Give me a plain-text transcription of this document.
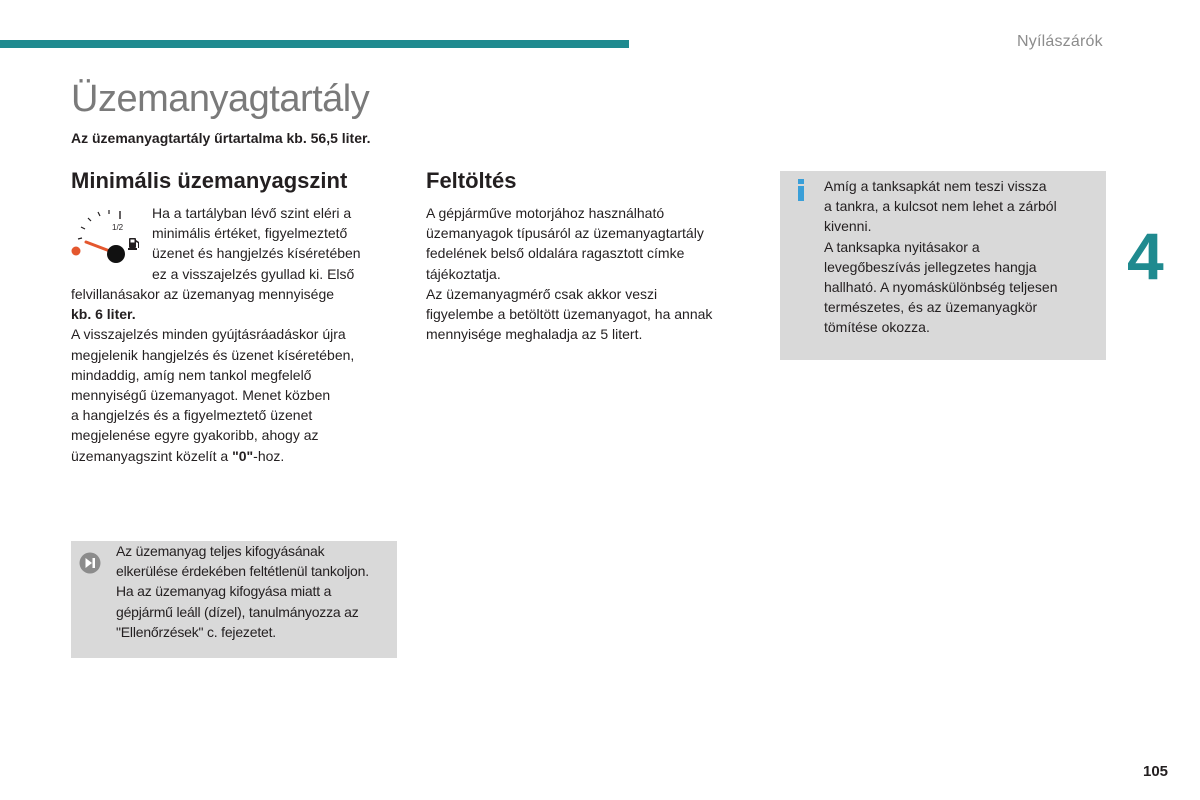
Nyílászárók
Üzemanyagtartály
Az üzemanyagtartály űrtartalma kb. 56,5 liter.
Minimális üzemanyagszint
1/2

Ha a tartályban lévő szint eléri a

minimális értéket, figyelmeztető

üzenet és hangjelzés kíséretében

ez a visszajelzés gyullad ki. Első

felvillanásakor az üzemanyag mennyisége

kb. 6 liter.

A visszajelzés minden gyújtásráadáskor újra

megjelenik hangjelzés és üzenet kíséretében,

mindaddig, amíg nem tankol megfelelő

mennyiségű üzemanyagot. Menet közben

a hangjelzés és a figyelmeztető üzenet

megjelenése egyre gyakoribb, ahogy az

üzemanyagszint közelít a "0"-hoz.

Feltöltés

A gépjárműve motorjához használható

üzemanyagok típusáról az üzemanyagtartály

fedelének belső oldalára ragasztott címke

tájékoztatja.

Az üzemanyagmérő csak akkor veszi

figyelembe a betöltött üzemanyagot, ha annak

mennyisége meghaladja az 5 litert.

Amíg a tanksapkát nem teszi vissza

a tankra, a kulcsot nem lehet a zárból

kivenni.

A tanksapka nyitásakor a

levegőbeszívás jellegzetes hangja

hallható. A nyomáskülönbség teljesen

természetes, és az üzemanyagkör

tömítése okozza.

Az üzemanyag teljes kifogyásának

elkerülése érdekében feltétlenül tankoljon.

Ha az üzemanyag kifogyása miatt a

gépjármű leáll (dízel), tanulmányozza az

"Ellenőrzések" c. fejezetet.

4
105
